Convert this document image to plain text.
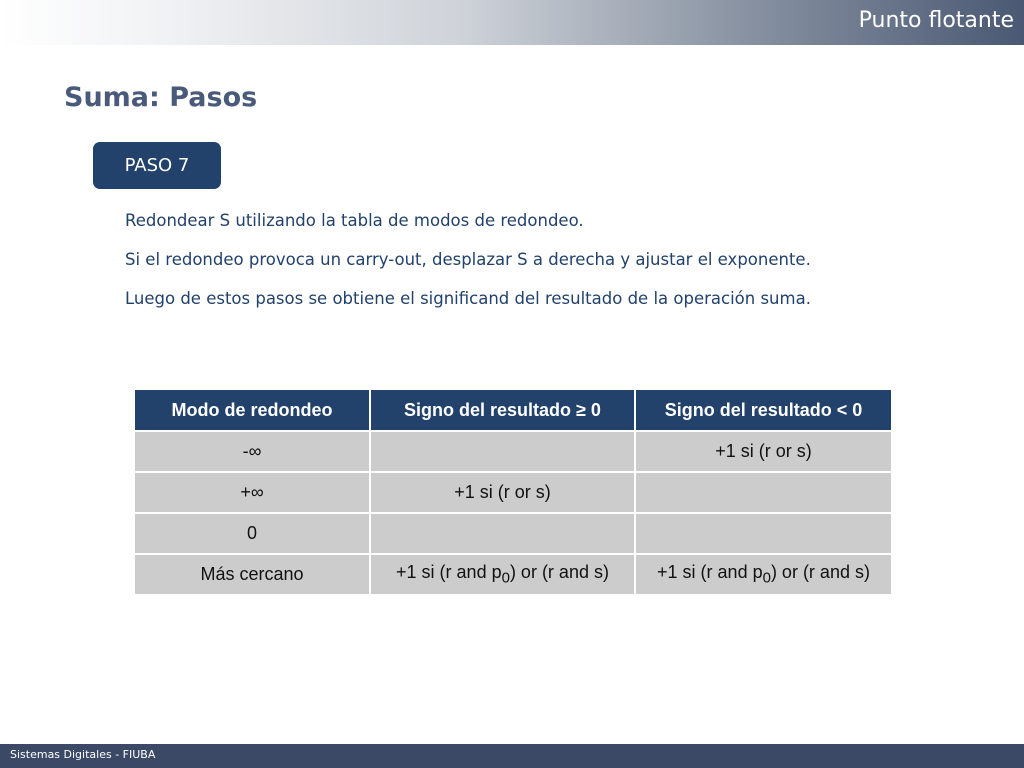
Punto flotante
Suma: Pasos
PASO 7

Redondear S utilizando la tabla de modos de redondeo.

Si el redondeo provoca un carry-out, desplazar S a derecha y ajustar el exponente.

Luego de estos pasos se obtiene el significand del resultado de la operación suma.

Modo de redondeo	Signo del resultado ≥ 0	Signo del resultado < 0
-∞		+1 si (r or s)
+∞	+1 si (r or s)	
0		
Más cercano	+1 si (r and $p_0$) or (r and s)	+1 si (r and $p_0$) or (r and s)
Sistemas Digitales - FIUBA
